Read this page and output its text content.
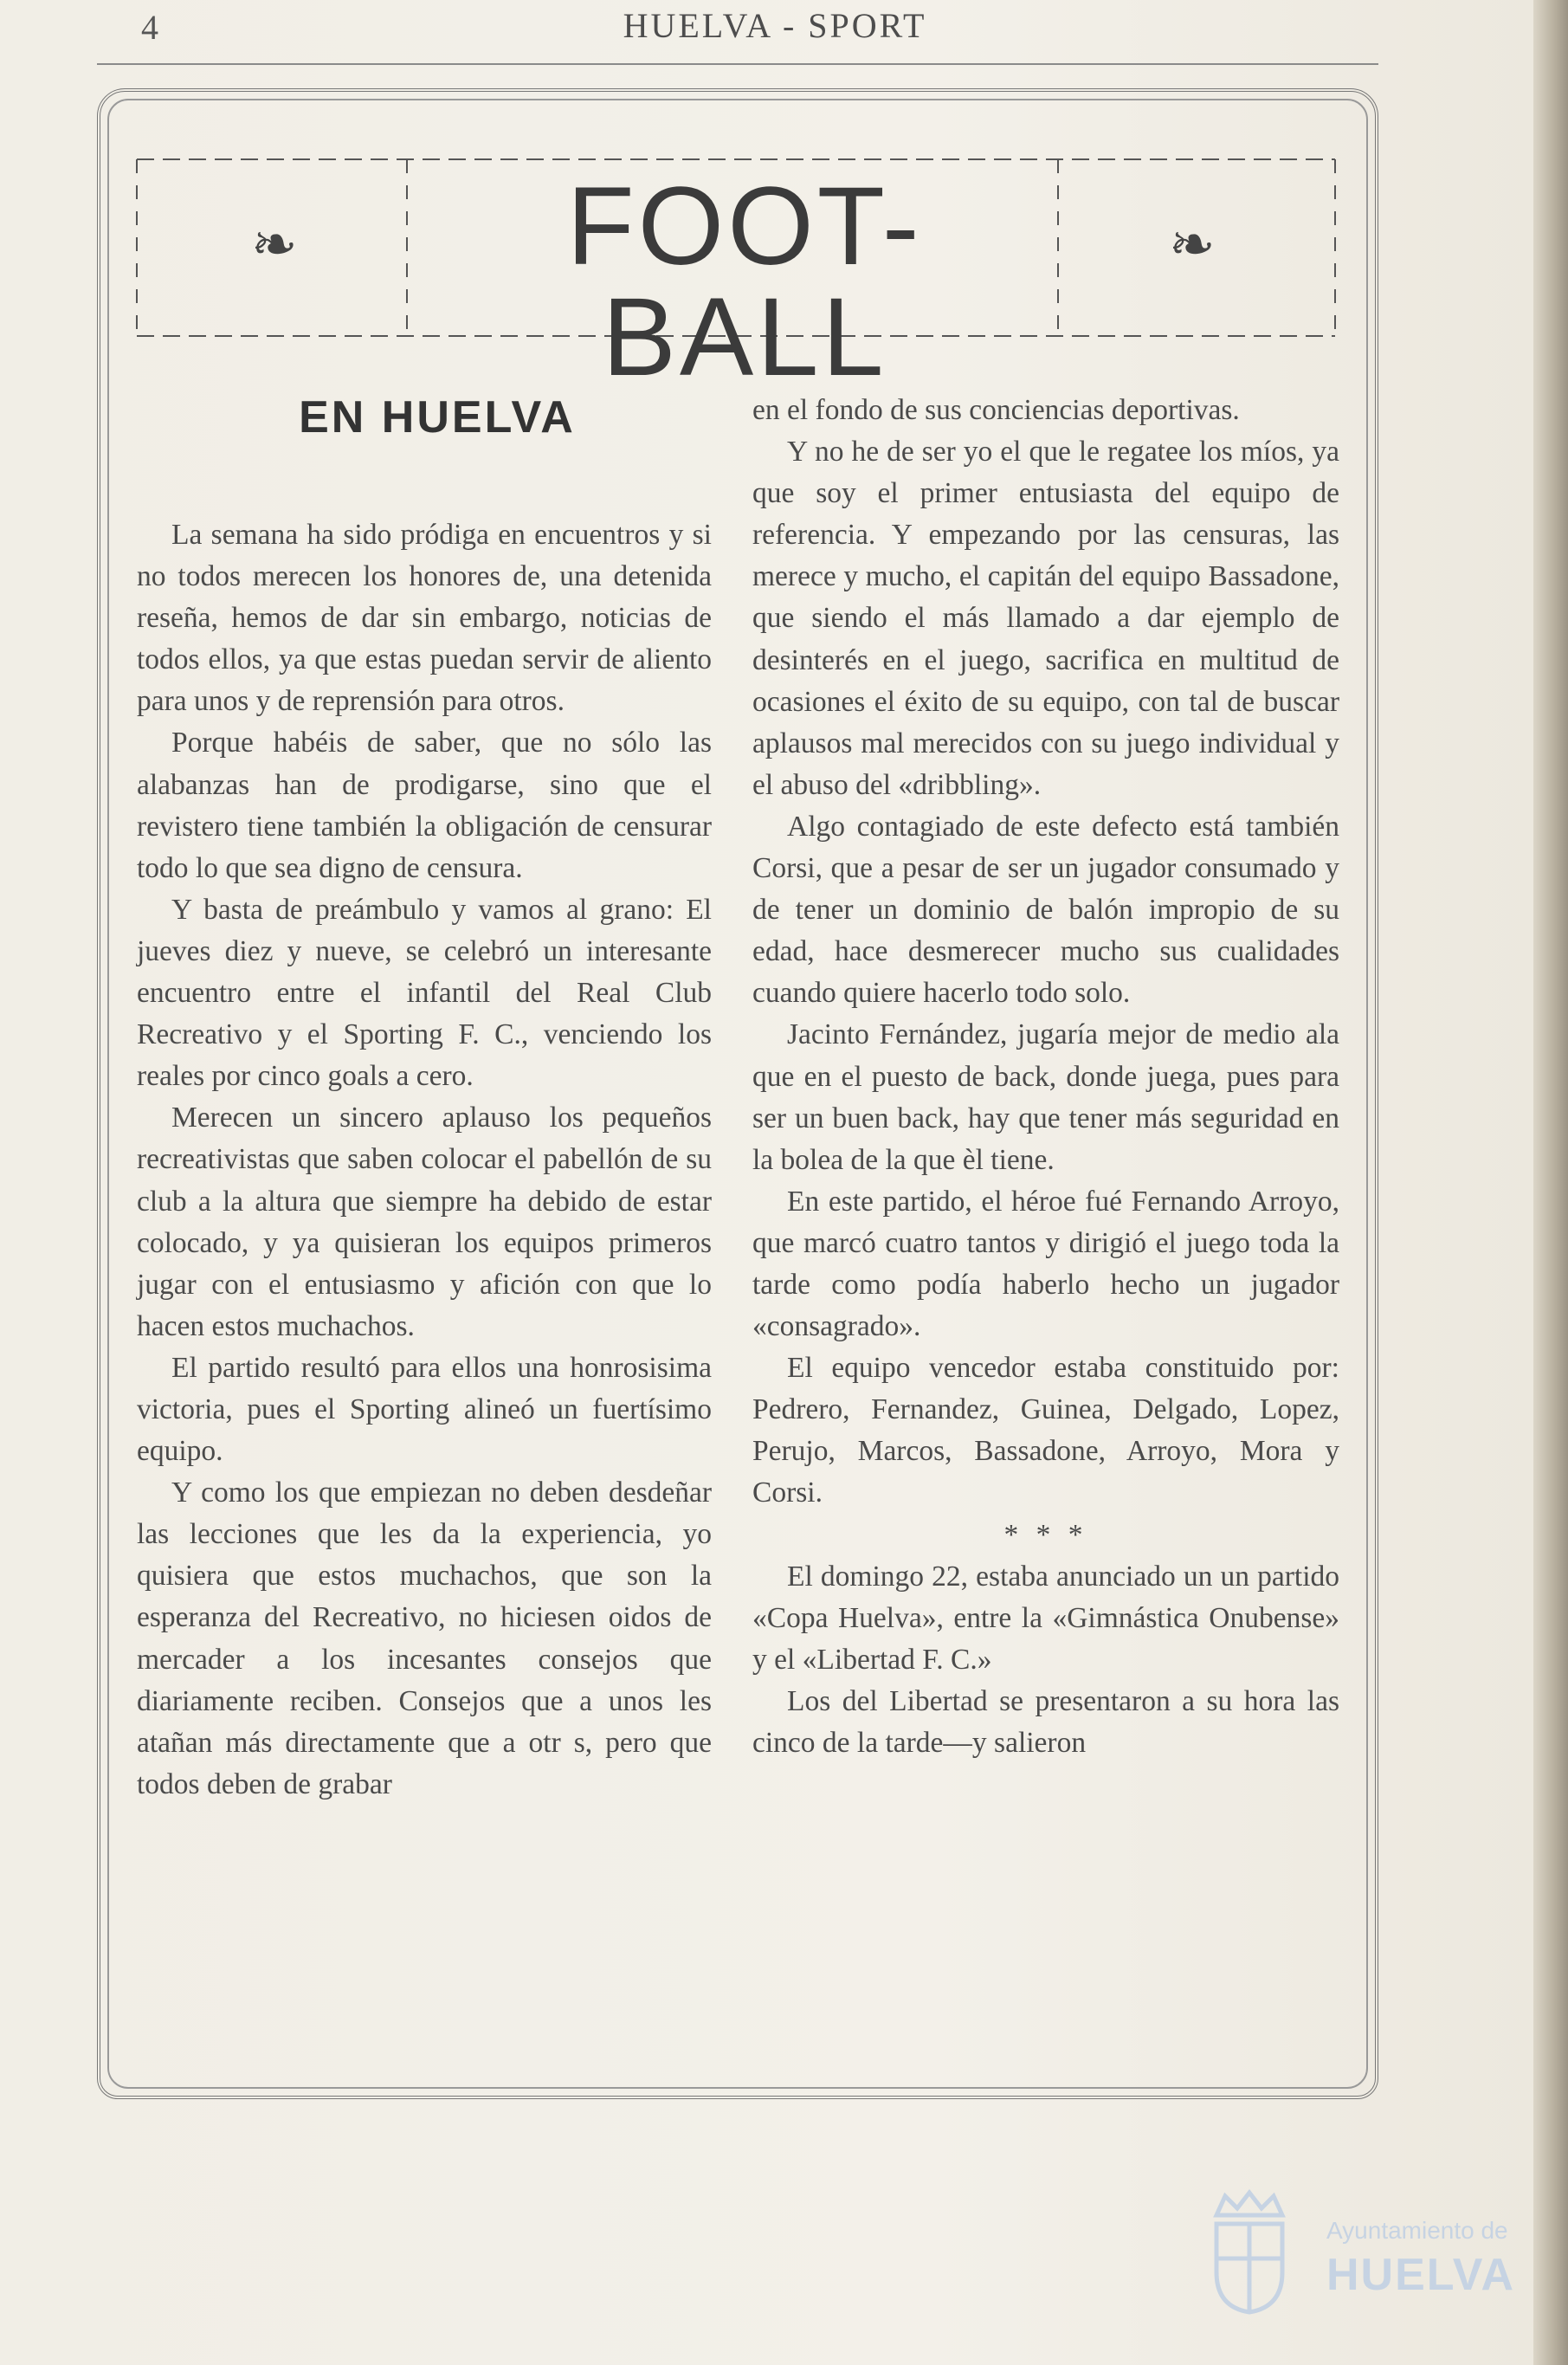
4	HUELVA - SPORT
❧	FOOT-BALL
❧
EN HUELVA

La semana ha sido pródiga en encuentros y si no todos merecen los honores de, una detenida reseña, hemos de dar sin embargo, noticias de todos ellos, ya que estas puedan servir de aliento para unos y de reprensión para otros.

Porque habéis de saber, que no sólo las alabanzas han de prodigarse, sino que el revistero tiene también la obligación de censurar todo lo que sea digno de censura.

Y basta de preámbulo y vamos al grano: El jueves diez y nueve, se celebró un interesante encuentro entre el infantil del Real Club Recreativo y el Sporting F. C., venciendo los reales por cinco goals a cero.

Merecen un sincero aplauso los pequeños recreativistas que saben colocar el pabellón de su club a la altura que siempre ha debido de estar colocado, y ya quisieran los equipos primeros jugar con el entusiasmo y afición con que lo hacen estos muchachos.

El partido resultó para ellos una honrosisima victoria, pues el Sporting alineó un fuertísimo equipo.

Y como los que empiezan no deben desdeñar las lecciones que les da la experiencia, yo quisiera que estos muchachos, que son la esperanza del Recreativo, no hiciesen oidos de mercader a los incesantes consejos que diariamente reciben. Consejos que a unos les atañan más directamente que a otr s, pero que todos deben de grabar

en el fondo de sus conciencias deportivas.

Y no he de ser yo el que le regatee los míos, ya que soy el primer entusiasta del equipo de referencia. Y empezando por las censuras, las merece y mucho, el capitán del equipo Bassadone, que siendo el más llamado a dar ejemplo de desinterés en el juego, sacrifica en multitud de ocasiones el éxito de su equipo, con tal de buscar aplausos mal merecidos con su juego individual y el abuso del «dribbling».

Algo contagiado de este defecto está también Corsi, que a pesar de ser un jugador consumado y de tener un dominio de balón impropio de su edad, hace desmerecer mucho sus cualidades cuando quiere hacerlo todo solo.

Jacinto Fernández, jugaría mejor de medio ala que en el puesto de back, donde juega, pues para ser un buen back, hay que tener más seguridad en la bolea de la que èl tiene.

En este partido, el héroe fué Fernando Arroyo, que marcó cuatro tantos y dirigió el juego toda la tarde como podía haberlo hecho un jugador «consagrado».

El equipo vencedor estaba constituido por: Pedrero, Fernandez, Guinea, Delgado, Lopez, Perujo, Marcos, Bassadone, Arroyo, Mora y Corsi.

* * *

El domingo 22, estaba anunciado un un partido «Copa Huelva», entre la «Gimnástica Onubense» y el «Libertad F. C.»

Los del Libertad se presentaron a su hora las cinco de la tarde—y salieron

Ayuntamiento de
HUELVA
